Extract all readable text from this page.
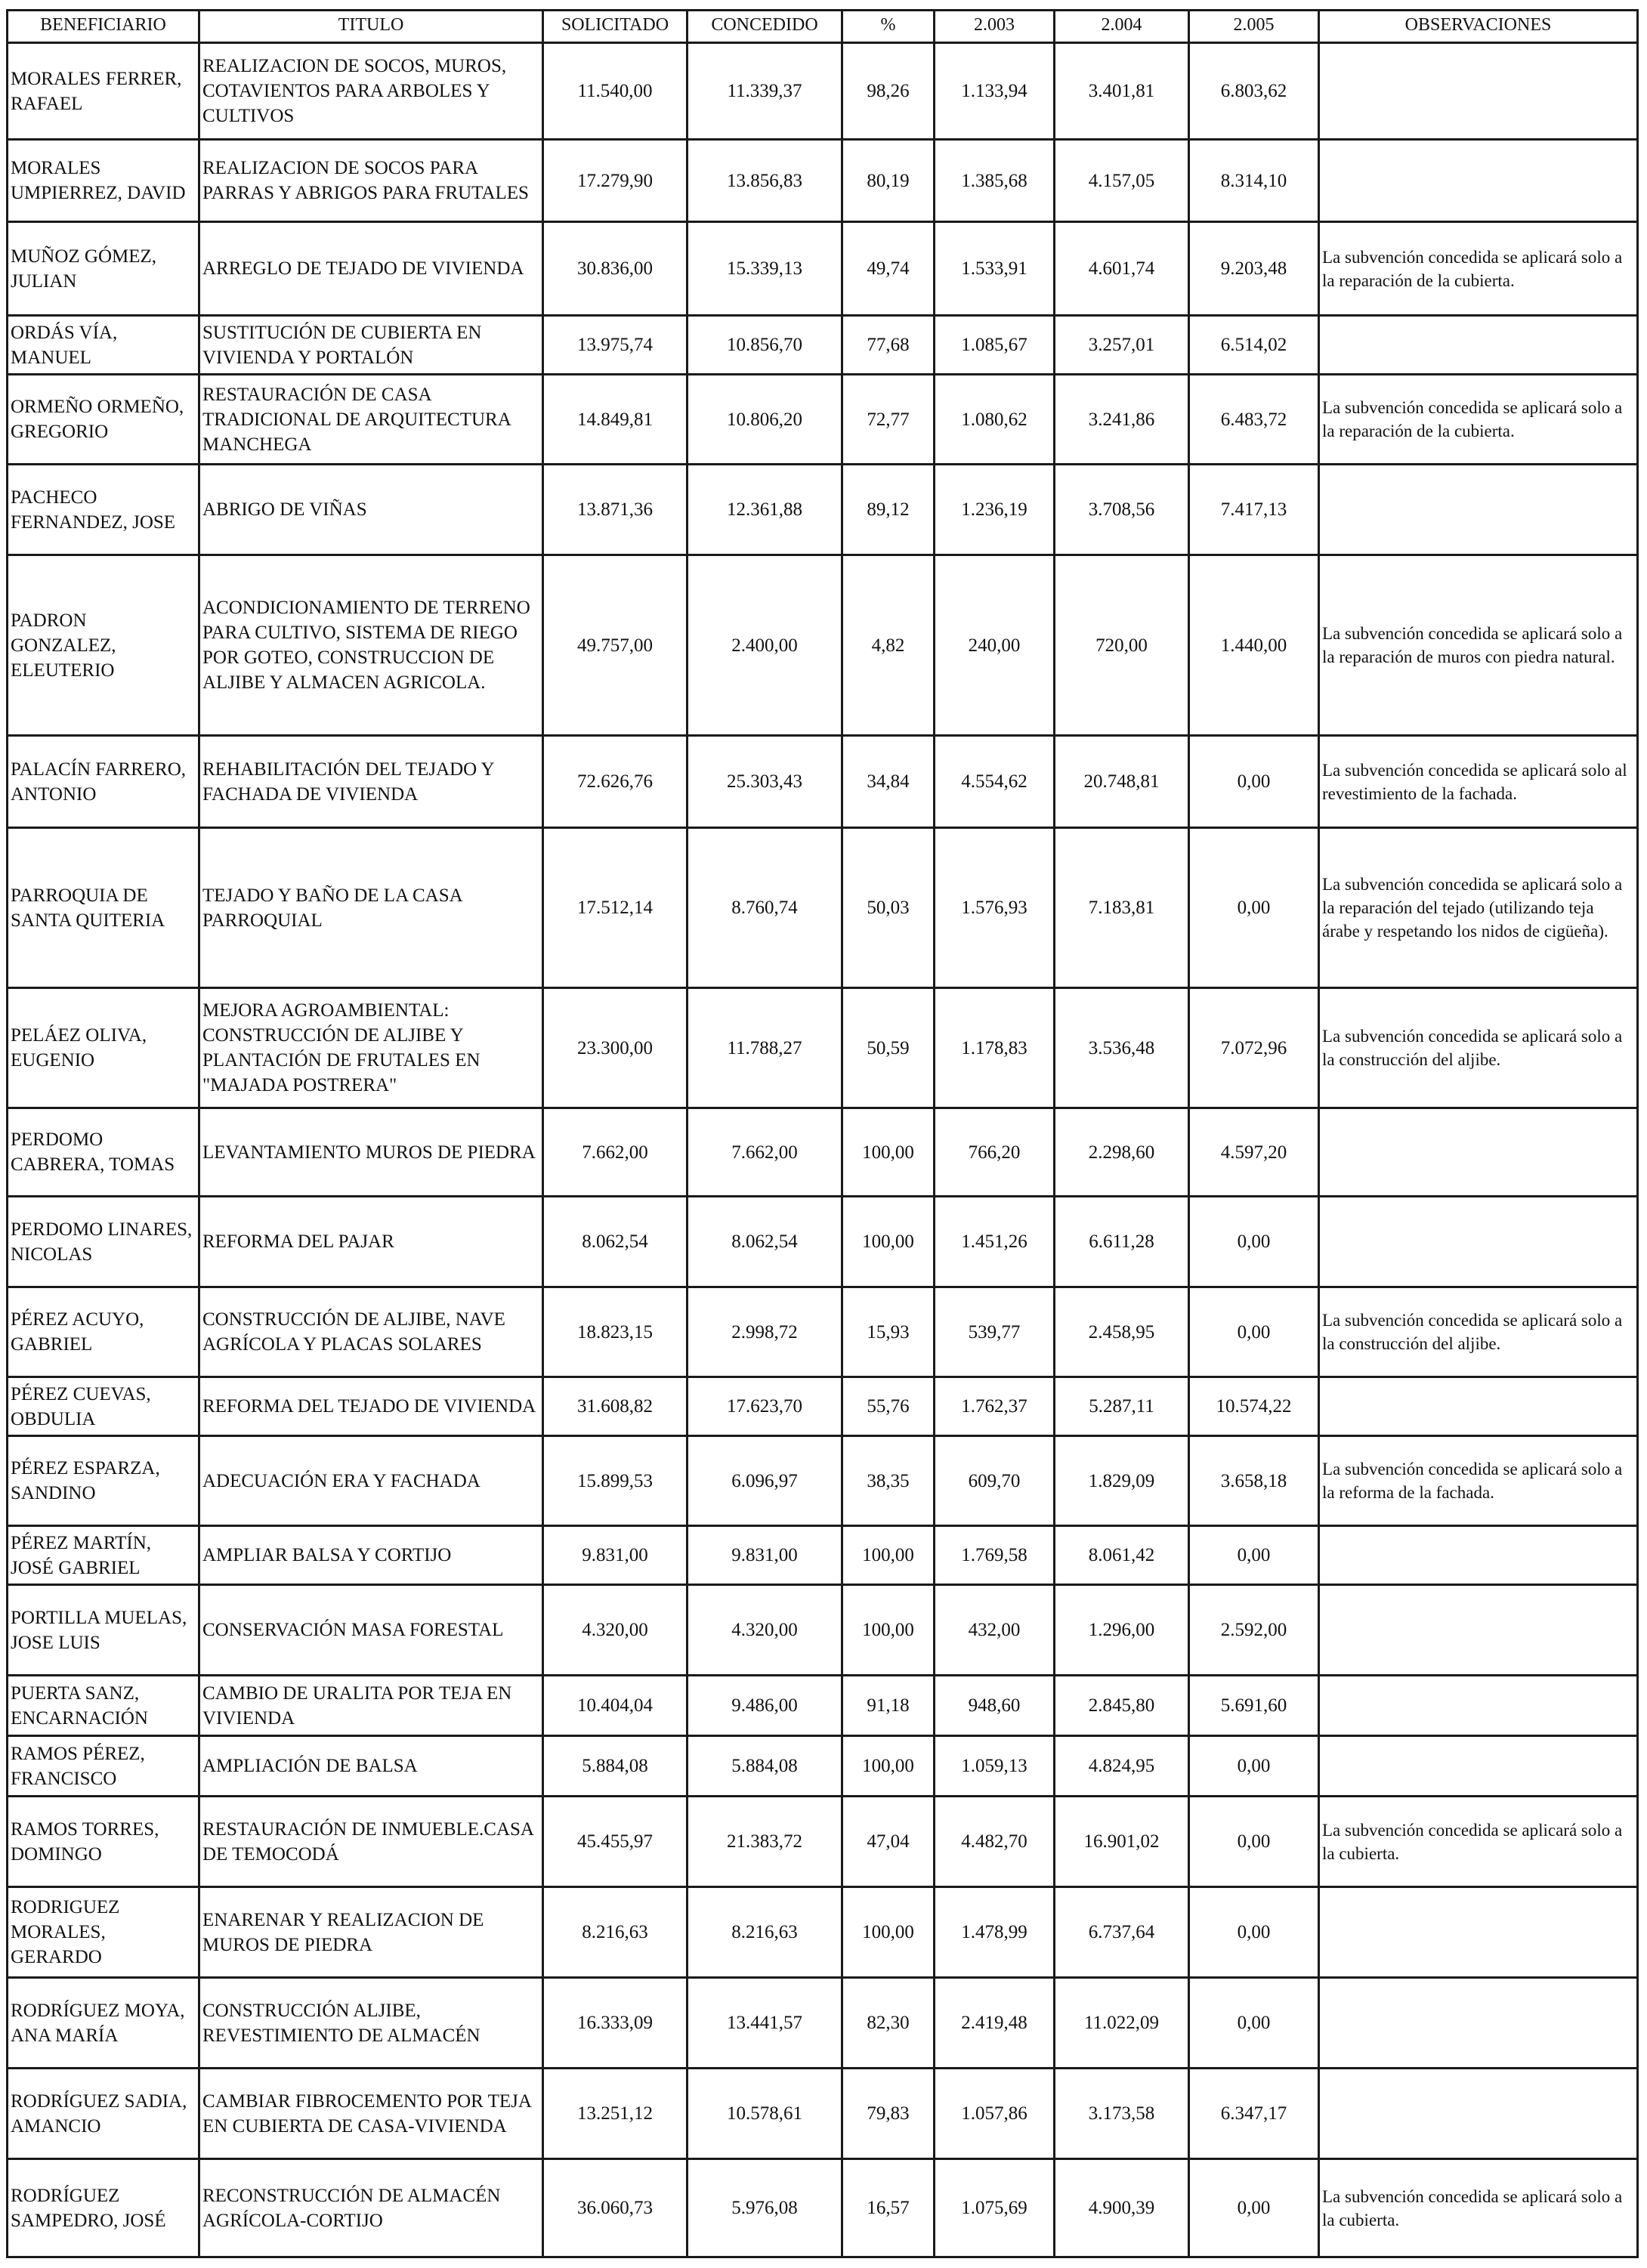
BENEFICIARIO	TITULO	SOLICITADO	CONCEDIDO	%	2.003	2.004	2.005	OBSERVACIONES
MORALES FERRER, RAFAEL	REALIZACION DE SOCOS, MUROS, COTAVIENTOS PARA ARBOLES Y CULTIVOS	11.540,00	11.339,37	98,26	1.133,94	3.401,81	6.803,62	
MORALES UMPIERREZ, DAVID	REALIZACION DE SOCOS PARA PARRAS Y ABRIGOS PARA FRUTALES	17.279,90	13.856,83	80,19	1.385,68	4.157,05	8.314,10	
MUÑOZ GÓMEZ, JULIAN	ARREGLO DE TEJADO DE VIVIENDA	30.836,00	15.339,13	49,74	1.533,91	4.601,74	9.203,48	La subvención concedida se aplicará solo a la reparación de la cubierta.
ORDÁS VÍA, MANUEL	SUSTITUCIÓN DE CUBIERTA EN VIVIENDA Y PORTALÓN	13.975,74	10.856,70	77,68	1.085,67	3.257,01	6.514,02	
ORMEÑO ORMEÑO, GREGORIO	RESTAURACIÓN DE CASA TRADICIONAL DE ARQUITECTURA MANCHEGA	14.849,81	10.806,20	72,77	1.080,62	3.241,86	6.483,72	La subvención concedida se aplicará solo a la reparación de la cubierta.
PACHECO FERNANDEZ, JOSE	ABRIGO DE VIÑAS	13.871,36	12.361,88	89,12	1.236,19	3.708,56	7.417,13	
PADRON GONZALEZ, ELEUTERIO	ACONDICIONAMIENTO DE TERRENO PARA CULTIVO, SISTEMA DE RIEGO POR GOTEO, CONSTRUCCION DE ALJIBE Y ALMACEN AGRICOLA.	49.757,00	2.400,00	4,82	240,00	720,00	1.440,00	La subvención concedida se aplicará solo a la reparación de muros con piedra natural.
PALACÍN FARRERO, ANTONIO	REHABILITACIÓN DEL TEJADO Y FACHADA DE VIVIENDA	72.626,76	25.303,43	34,84	4.554,62	20.748,81	0,00	La subvención concedida se aplicará solo al revestimiento de la fachada.
PARROQUIA DE SANTA QUITERIA	TEJADO Y BAÑO DE LA CASA PARROQUIAL	17.512,14	8.760,74	50,03	1.576,93	7.183,81	0,00	La subvención concedida se aplicará solo a la reparación del tejado (utilizando teja árabe y respetando los nidos de cigüeña).
PELÁEZ OLIVA, EUGENIO	MEJORA AGROAMBIENTAL: CONSTRUCCIÓN DE ALJIBE Y PLANTACIÓN DE FRUTALES EN "MAJADA POSTRERA"	23.300,00	11.788,27	50,59	1.178,83	3.536,48	7.072,96	La subvención concedida se aplicará solo a la construcción del aljibe.
PERDOMO CABRERA, TOMAS	LEVANTAMIENTO MUROS DE PIEDRA	7.662,00	7.662,00	100,00	766,20	2.298,60	4.597,20	
PERDOMO LINARES, NICOLAS	REFORMA DEL PAJAR	8.062,54	8.062,54	100,00	1.451,26	6.611,28	0,00	
PÉREZ ACUYO, GABRIEL	CONSTRUCCIÓN DE ALJIBE, NAVE AGRÍCOLA Y PLACAS SOLARES	18.823,15	2.998,72	15,93	539,77	2.458,95	0,00	La subvención concedida se aplicará solo a la construcción del aljibe.
PÉREZ CUEVAS, OBDULIA	REFORMA DEL TEJADO DE VIVIENDA	31.608,82	17.623,70	55,76	1.762,37	5.287,11	10.574,22	
PÉREZ ESPARZA, SANDINO	ADECUACIÓN ERA Y FACHADA	15.899,53	6.096,97	38,35	609,70	1.829,09	3.658,18	La subvención concedida se aplicará solo a la reforma de la fachada.
PÉREZ MARTÍN, JOSÉ GABRIEL	AMPLIAR BALSA Y CORTIJO	9.831,00	9.831,00	100,00	1.769,58	8.061,42	0,00	
PORTILLA MUELAS, JOSE LUIS	CONSERVACIÓN MASA FORESTAL	4.320,00	4.320,00	100,00	432,00	1.296,00	2.592,00	
PUERTA SANZ, ENCARNACIÓN	CAMBIO DE URALITA POR TEJA EN VIVIENDA	10.404,04	9.486,00	91,18	948,60	2.845,80	5.691,60	
RAMOS PÉREZ, FRANCISCO	AMPLIACIÓN DE BALSA	5.884,08	5.884,08	100,00	1.059,13	4.824,95	0,00	
RAMOS TORRES, DOMINGO	RESTAURACIÓN DE INMUEBLE.CASA DE TEMOCODÁ	45.455,97	21.383,72	47,04	4.482,70	16.901,02	0,00	La subvención concedida se aplicará solo a la cubierta.
RODRIGUEZ MORALES, GERARDO	ENARENAR Y REALIZACION DE MUROS DE PIEDRA	8.216,63	8.216,63	100,00	1.478,99	6.737,64	0,00	
RODRÍGUEZ MOYA, ANA MARÍA	CONSTRUCCIÓN ALJIBE, REVESTIMIENTO DE ALMACÉN	16.333,09	13.441,57	82,30	2.419,48	11.022,09	0,00	
RODRÍGUEZ SADIA, AMANCIO	CAMBIAR FIBROCEMENTO POR TEJA EN CUBIERTA DE CASA-VIVIENDA	13.251,12	10.578,61	79,83	1.057,86	3.173,58	6.347,17	
RODRÍGUEZ SAMPEDRO, JOSÉ	RECONSTRUCCIÓN DE ALMACÉN AGRÍCOLA-CORTIJO	36.060,73	5.976,08	16,57	1.075,69	4.900,39	0,00	La subvención concedida se aplicará solo a la cubierta.
